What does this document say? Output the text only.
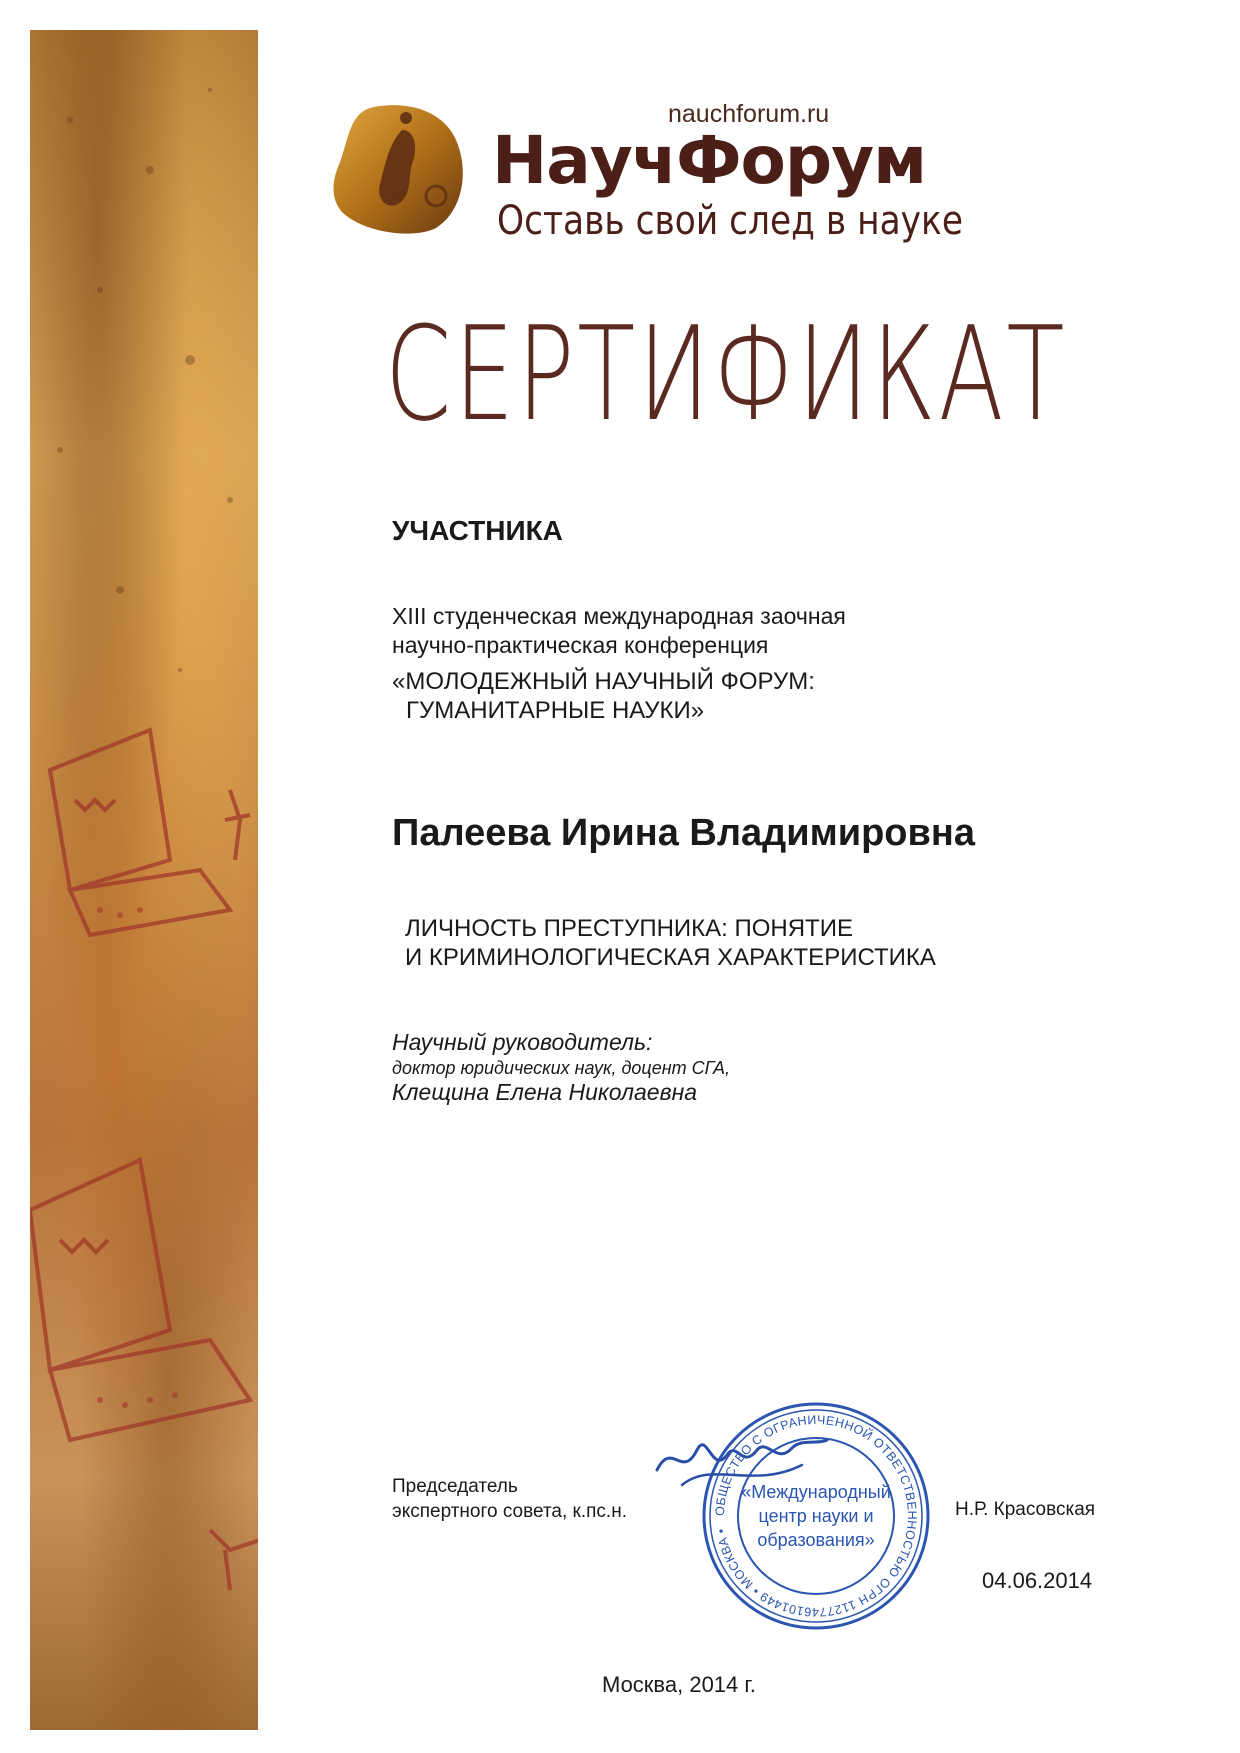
nauchforum.ru
НаучФорум
Оставь свой след в науке
СЕРТИФИКАТ
УЧАСТНИКА
XIII студенческая международная заочная
научно-практическая конференция
«МОЛОДЕЖНЫЙ НАУЧНЫЙ ФОРУМ:
ГУМАНИТАРНЫЕ НАУКИ»
Палеева Ирина Владимировна
ЛИЧНОСТЬ ПРЕСТУПНИКА: ПОНЯТИЕ
И КРИМИНОЛОГИЧЕСКАЯ ХАРАКТЕРИСТИКА
Научный руководитель:
доктор юридических наук, доцент СГА,
Клещина Елена Николаевна
Председатель
экспертного совета, к.пс.н.	ОБЩЕСТВО С ОГРАНИЧЕННОЙ ОТВЕТСТВЕННОСТЬЮ ОГРН 1127746101449 • МОСКВА •
«Международный
центр науки и
образования»
Н.Р. Красовская
04.06.2014
Москва, 2014 г.
